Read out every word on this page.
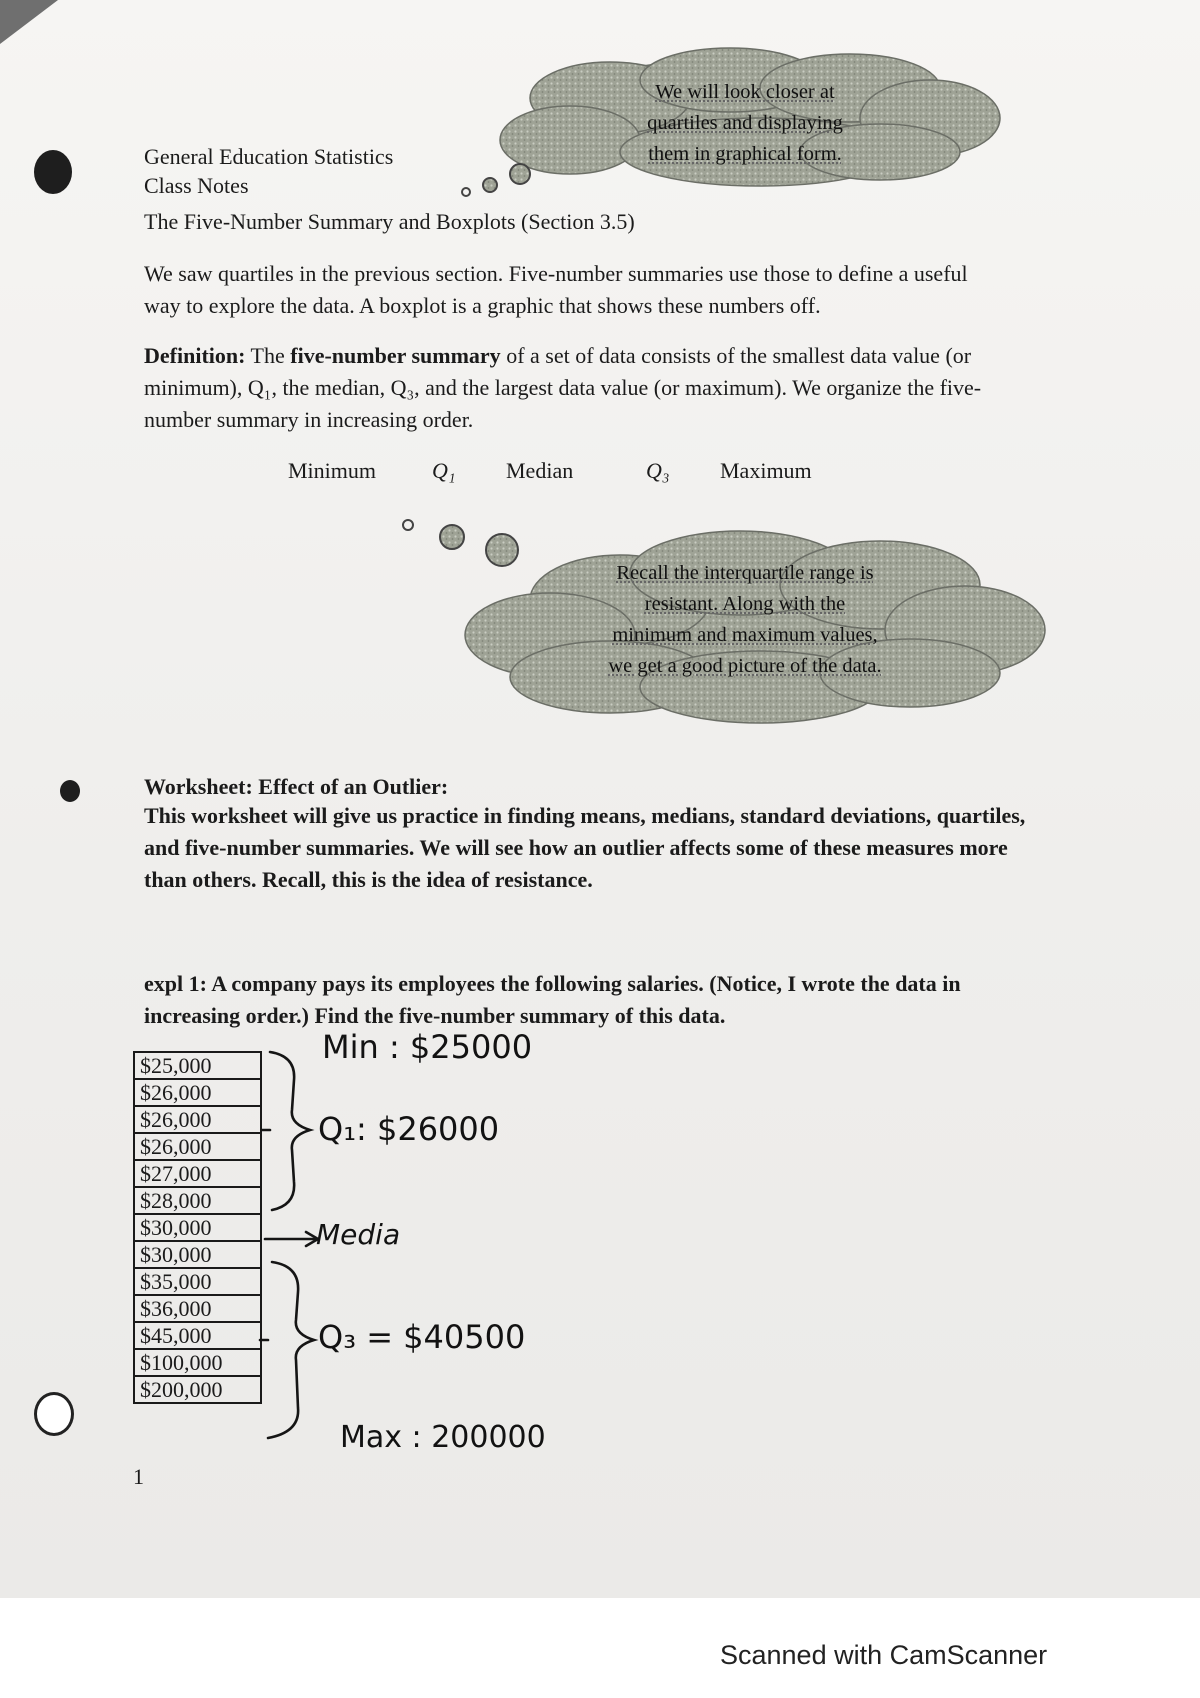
We will look closer at
quartiles and displaying
them in graphical form.
General Education Statistics
Class Notes
The Five-Number Summary and Boxplots (Section 3.5)
We saw quartiles in the previous section. Five-number summaries use those to define a useful
way to explore the data. A boxplot is a graphic that shows these numbers off.
Definition: The five-number summary of a set of data consists of the smallest data value (or
minimum), Q₁, the median, Q₃, and the largest data value (or maximum). We organize the five-
number summary in increasing order.
Minimum	Q₁ Median	Q₃ Maximum
Recall the interquartile range is
resistant. Along with the
minimum and maximum values,
we get a good picture of the data.
Worksheet: Effect of an Outlier:
This worksheet will give us practice in finding means, medians, standard deviations, quartiles,
and five-number summaries. We will see how an outlier affects some of these measures more
than others. Recall, this is the idea of resistance.
expl 1: A company pays its employees the following salaries. (Notice, I wrote the data in
increasing order.) Find the five-number summary of this data.
$25,000
$26,000
$26,000
$26,000
$27,000
$28,000
$30,000
$30,000
$35,000
$36,000
$45,000
$100,000
$200,000
Min : $25000
Q₁: $26000
Media
Q₃ = $40500
Max : 200000
1
Scanned with CamScanner
